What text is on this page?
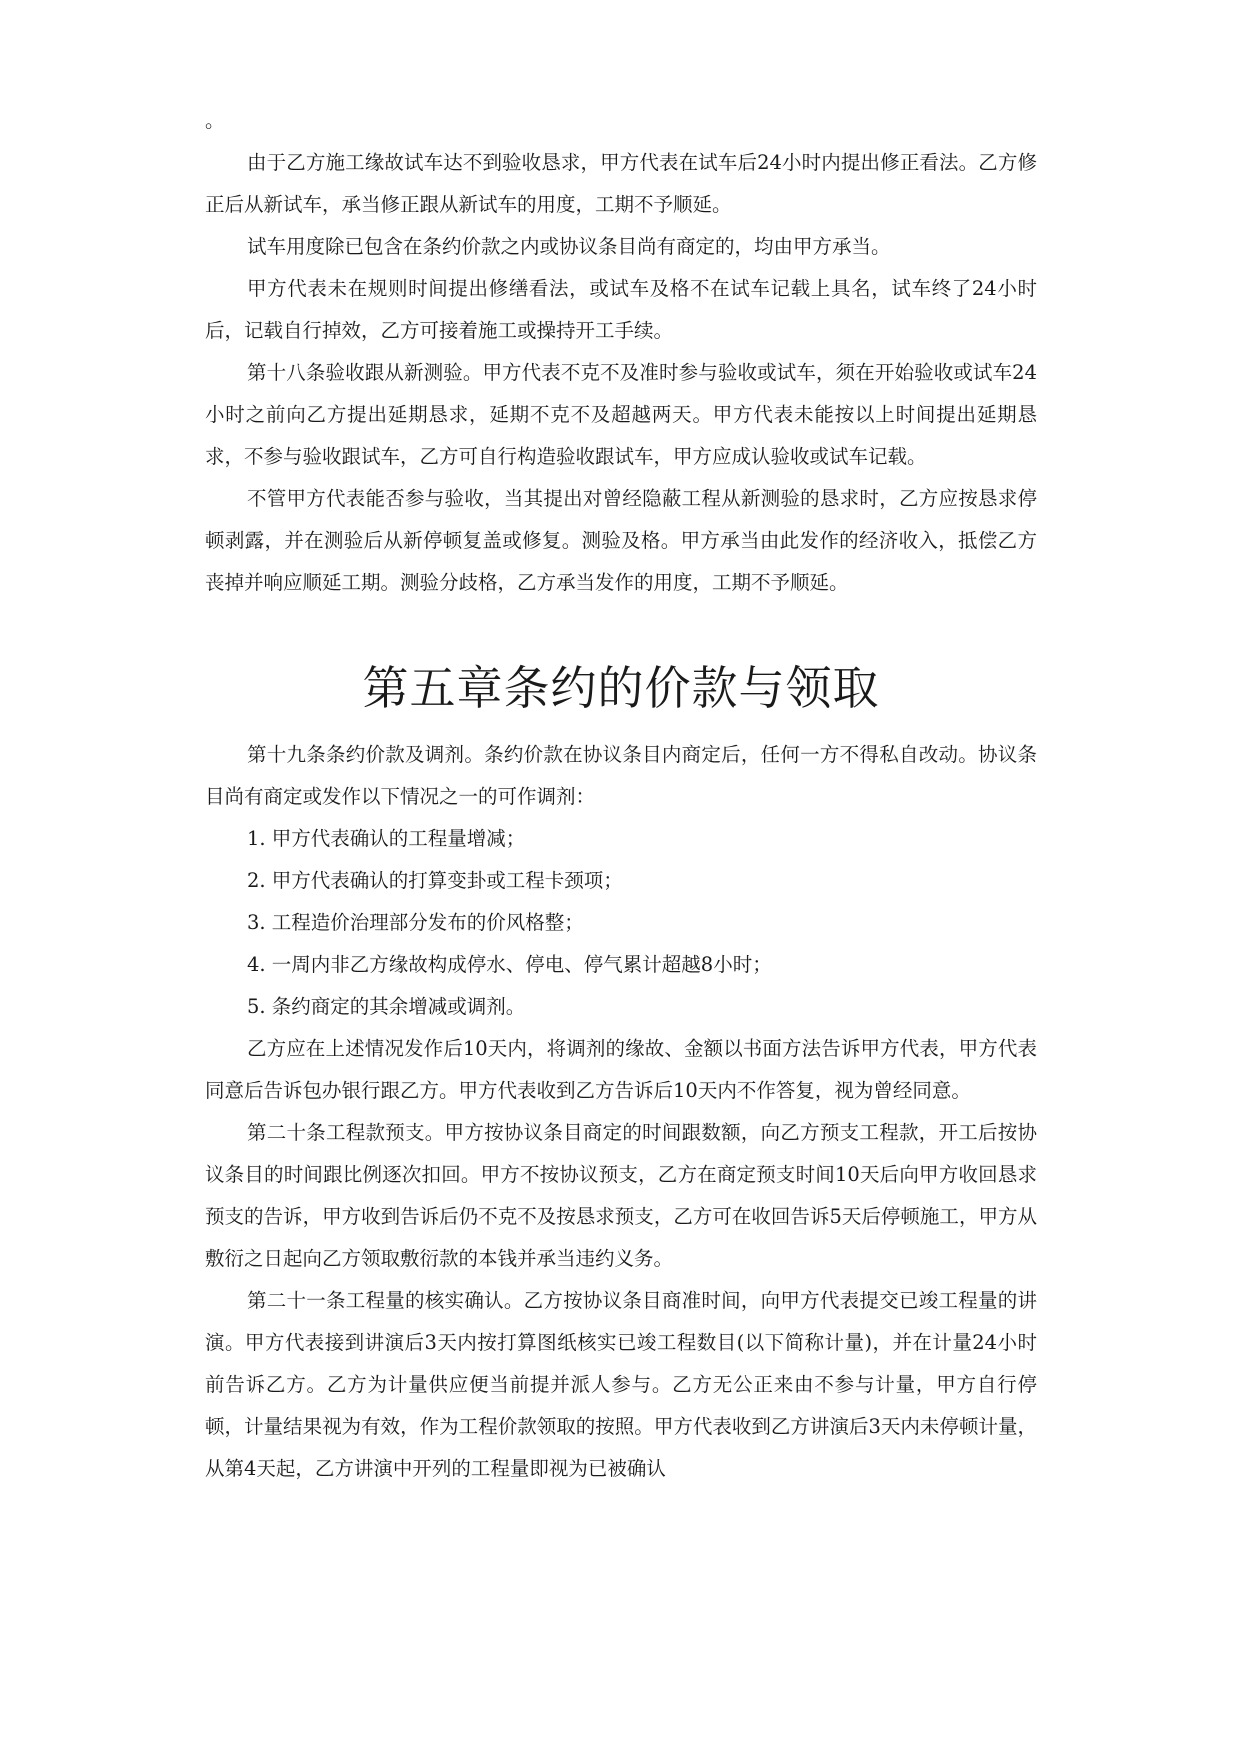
。

由于乙方施工缘故试车达不到验收恳求，甲方代表在试车后24小时内提出修正看法。乙方修正后从新试车，承当修正跟从新试车的用度，工期不予顺延。

试车用度除已包含在条约价款之内或协议条目尚有商定的，均由甲方承当。

甲方代表未在规则时间提出修缮看法，或试车及格不在试车记载上具名，试车终了24小时后，记载自行掉效，乙方可接着施工或操持开工手续。

第十八条验收跟从新测验。甲方代表不克不及准时参与验收或试车，须在开始验收或试车24小时之前向乙方提出延期恳求，延期不克不及超越两天。甲方代表未能按以上时间提出延期恳求，不参与验收跟试车，乙方可自行构造验收跟试车，甲方应成认验收或试车记载。

不管甲方代表能否参与验收，当其提出对曾经隐蔽工程从新测验的恳求时，乙方应按恳求停顿剥露，并在测验后从新停顿复盖或修复。测验及格。甲方承当由此发作的经济收入，抵偿乙方丧掉并响应顺延工期。测验分歧格，乙方承当发作的用度，工期不予顺延。

第五章条约的价款与领取

第十九条条约价款及调剂。条约价款在协议条目内商定后，任何一方不得私自改动。协议条目尚有商定或发作以下情况之一的可作调剂：

1. 甲方代表确认的工程量增减；

2. 甲方代表确认的打算变卦或工程卡颈项；

3. 工程造价治理部分发布的价风格整；

4. 一周内非乙方缘故构成停水、停电、停气累计超越8小时；

5. 条约商定的其余增减或调剂。

乙方应在上述情况发作后10天内，将调剂的缘故、金额以书面方法告诉甲方代表，甲方代表同意后告诉包办银行跟乙方。甲方代表收到乙方告诉后10天内不作答复，视为曾经同意。

第二十条工程款预支。甲方按协议条目商定的时间跟数额，向乙方预支工程款，开工后按协议条目的时间跟比例逐次扣回。甲方不按协议预支，乙方在商定预支时间10天后向甲方收回恳求预支的告诉，甲方收到告诉后仍不克不及按恳求预支，乙方可在收回告诉5天后停顿施工，甲方从敷衍之日起向乙方领取敷衍款的本钱并承当违约义务。

第二十一条工程量的核实确认。乙方按协议条目商准时间，向甲方代表提交已竣工程量的讲演。甲方代表接到讲演后3天内按打算图纸核实已竣工程数目(以下简称计量)，并在计量24小时前告诉乙方。乙方为计量供应便当前提并派人参与。乙方无公正来由不参与计量，甲方自行停顿，计量结果视为有效，作为工程价款领取的按照。甲方代表收到乙方讲演后3天内未停顿计量，从第4天起，乙方讲演中开列的工程量即视为已被确认
